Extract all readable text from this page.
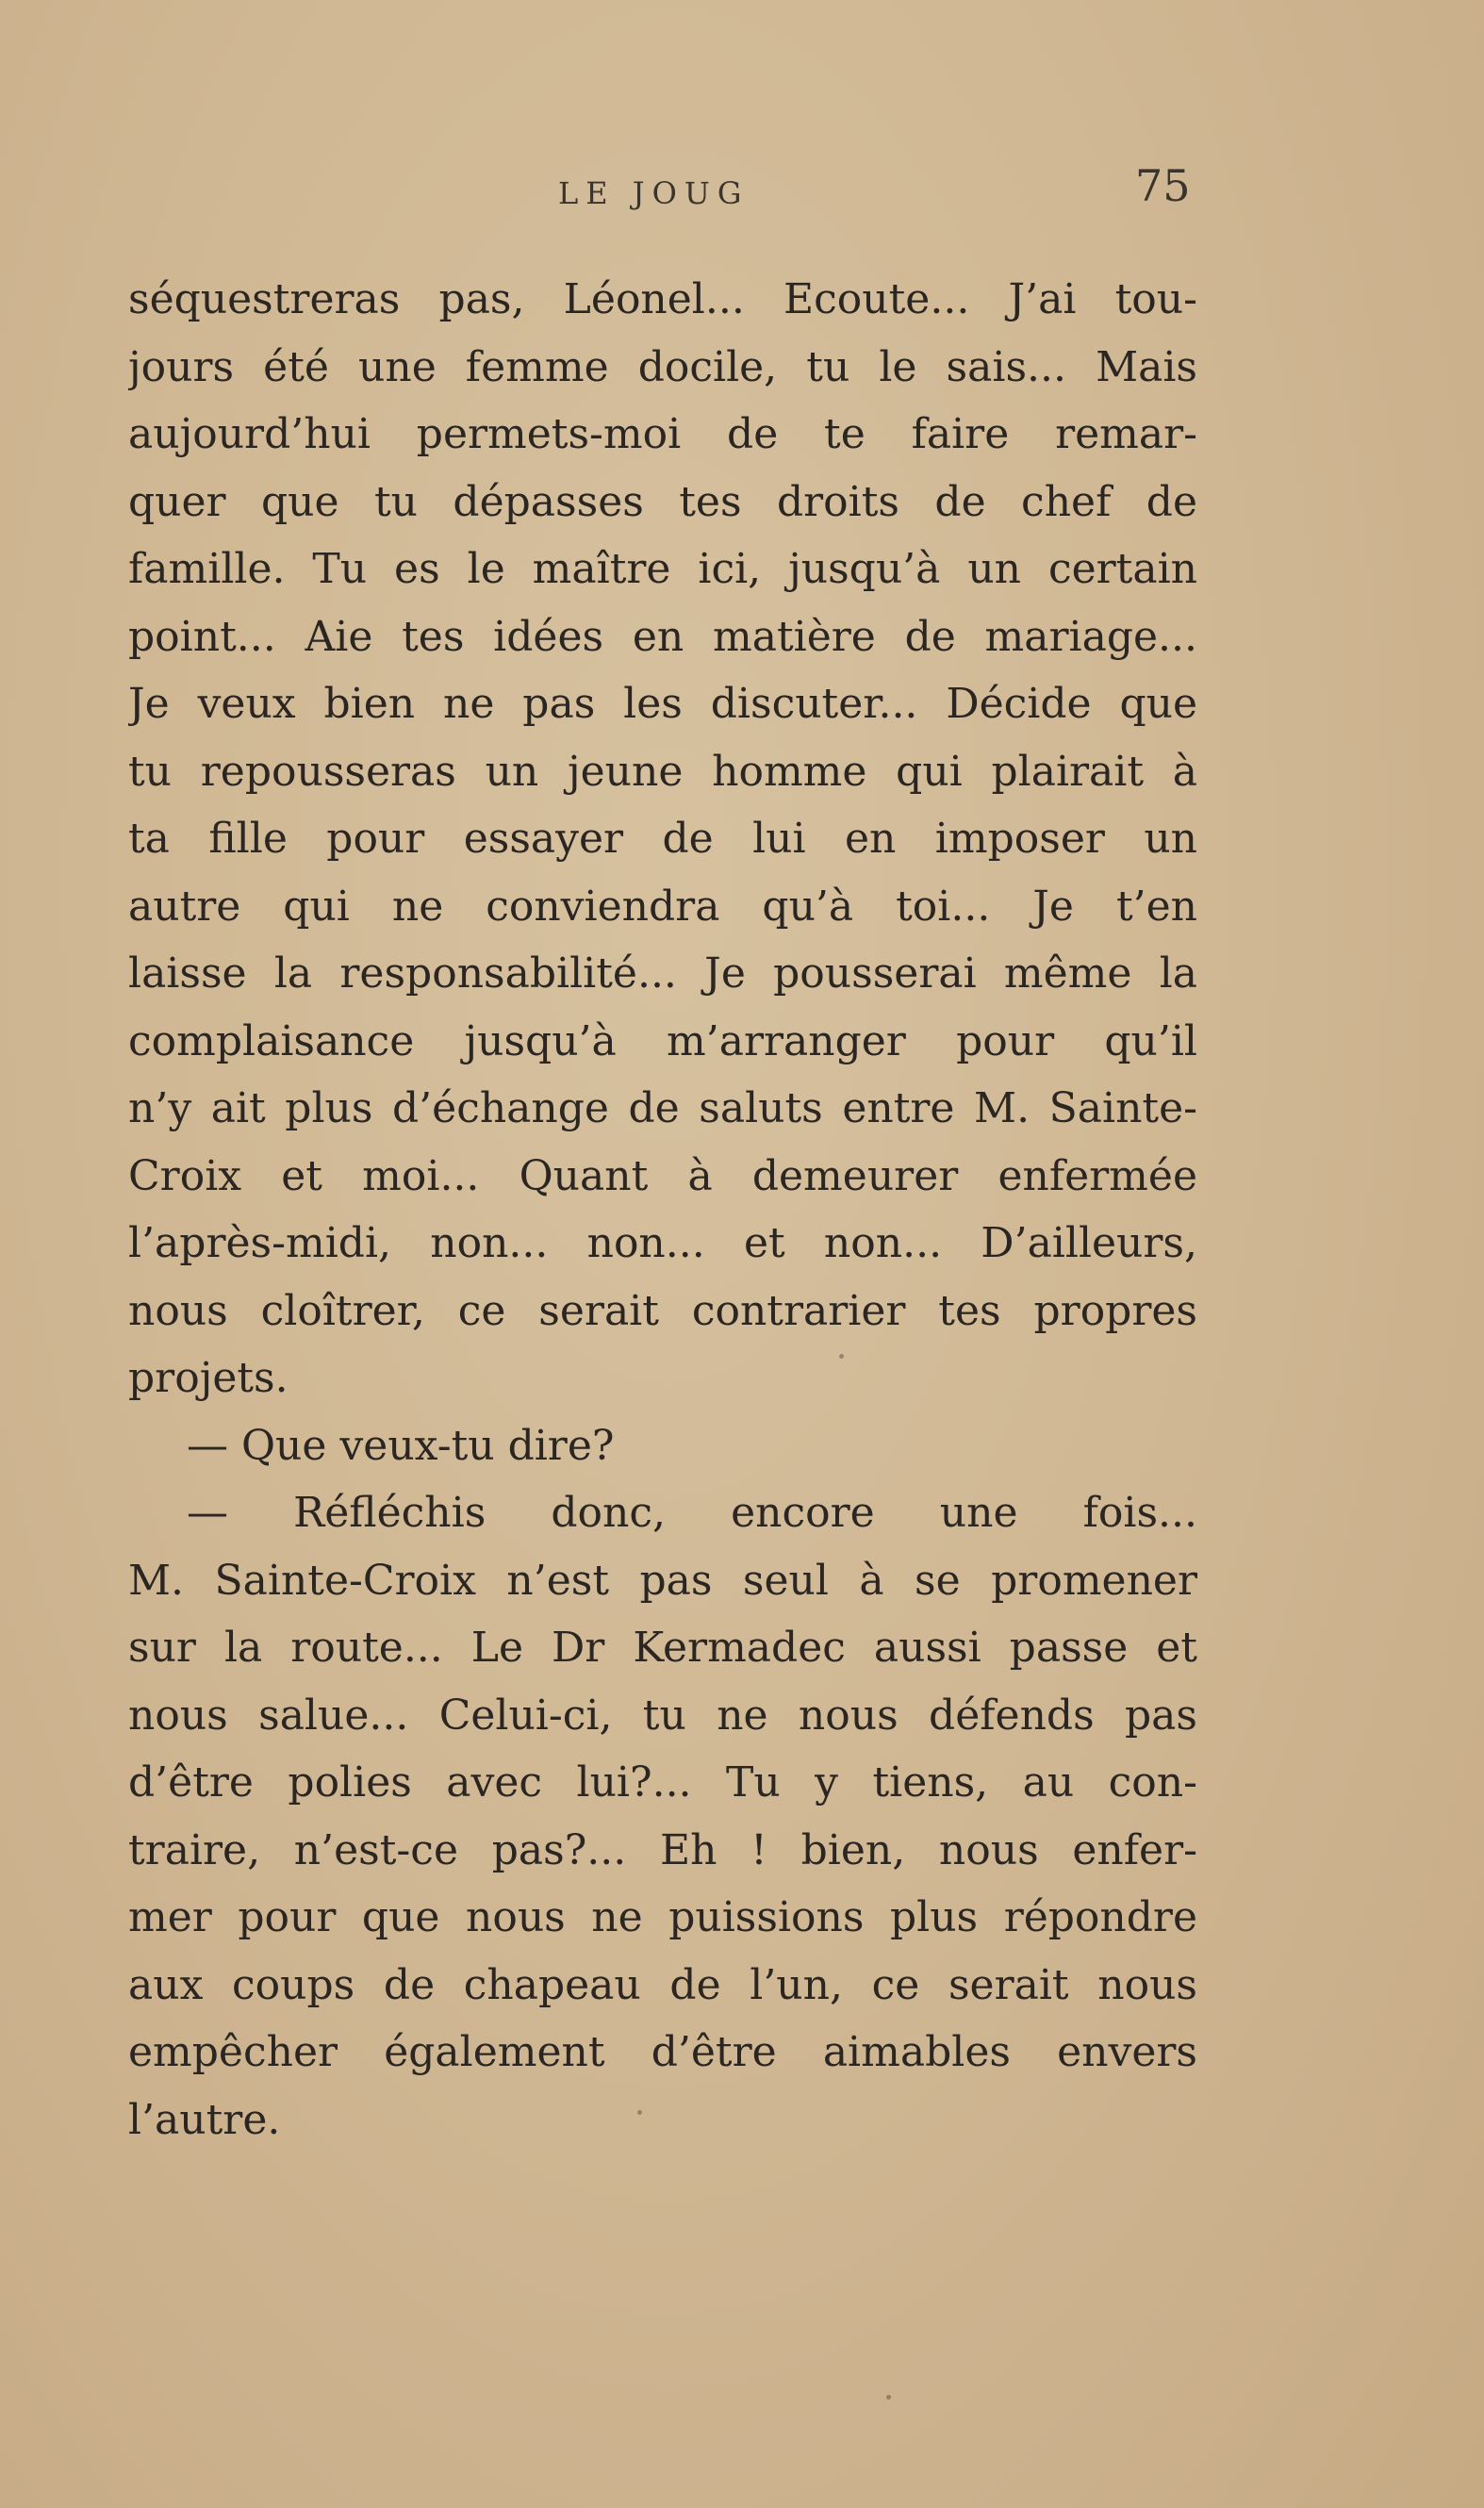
LE JOUG	75
séquestreras pas, Léonel... Ecoute... J’ai tou-
jours été une femme docile, tu le sais... Mais
aujourd’hui permets-moi de te faire remar-
quer que tu dépasses tes droits de chef de
famille. Tu es le maître ici, jusqu’à un certain
point... Aie tes idées en matière de mariage...
Je veux bien ne pas les discuter... Décide que
tu repousseras un jeune homme qui plairait à
ta fille pour essayer de lui en imposer un
autre qui ne conviendra qu’à toi... Je t’en
laisse la responsabilité... Je pousserai même la
complaisance jusqu’à m’arranger pour qu’il
n’y ait plus d’échange de saluts entre M. Sainte-
Croix et moi... Quant à demeurer enfermée
l’après-midi, non... non... et non... D’ailleurs,
nous cloîtrer, ce serait contrarier tes propres
projets.
— Que veux-tu dire?
— Réfléchis donc, encore une fois...
M. Sainte-Croix n’est pas seul à se promener
sur la route... Le Dr Kermadec aussi passe et
nous salue... Celui-ci, tu ne nous défends pas
d’être polies avec lui?... Tu y tiens, au con-
traire, n’est-ce pas?... Eh ! bien, nous enfer-
mer pour que nous ne puissions plus répondre
aux coups de chapeau de l’un, ce serait nous
empêcher également d’être aimables envers
l’autre.
